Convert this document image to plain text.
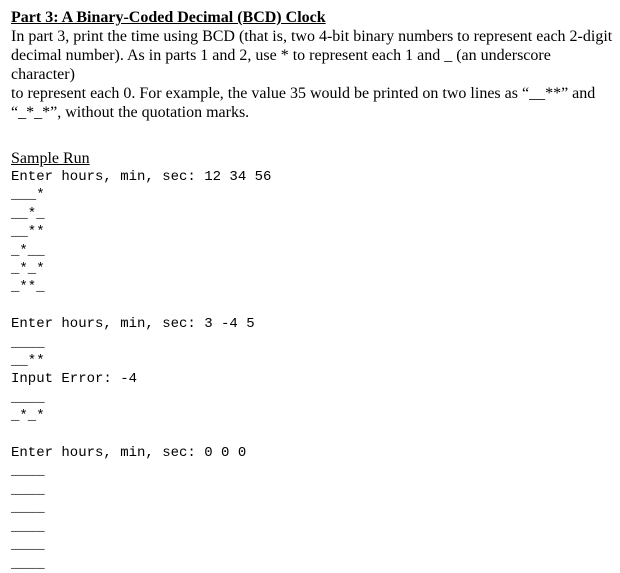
Part 3: A Binary-Coded Decimal (BCD) Clock

In part 3, print the time using BCD (that is, two 4-bit binary numbers to represent each 2-digit

decimal number). As in parts 1 and 2, use * to represent each 1 and _ (an underscore character)

to represent each 0. For example, the value 35 would be printed on two lines as “__**” and

“_*_*”, without the quotation marks.

Sample Run

Enter hours, min, sec: 12 34 56
___*
__*_
__**
_*__
_*_*
_**_
Enter hours, min, sec: 3 -4 5
____
__**
Input Error: -4
____
_*_*
Enter hours, min, sec: 0 0 0
____
____
____
____
____
____
